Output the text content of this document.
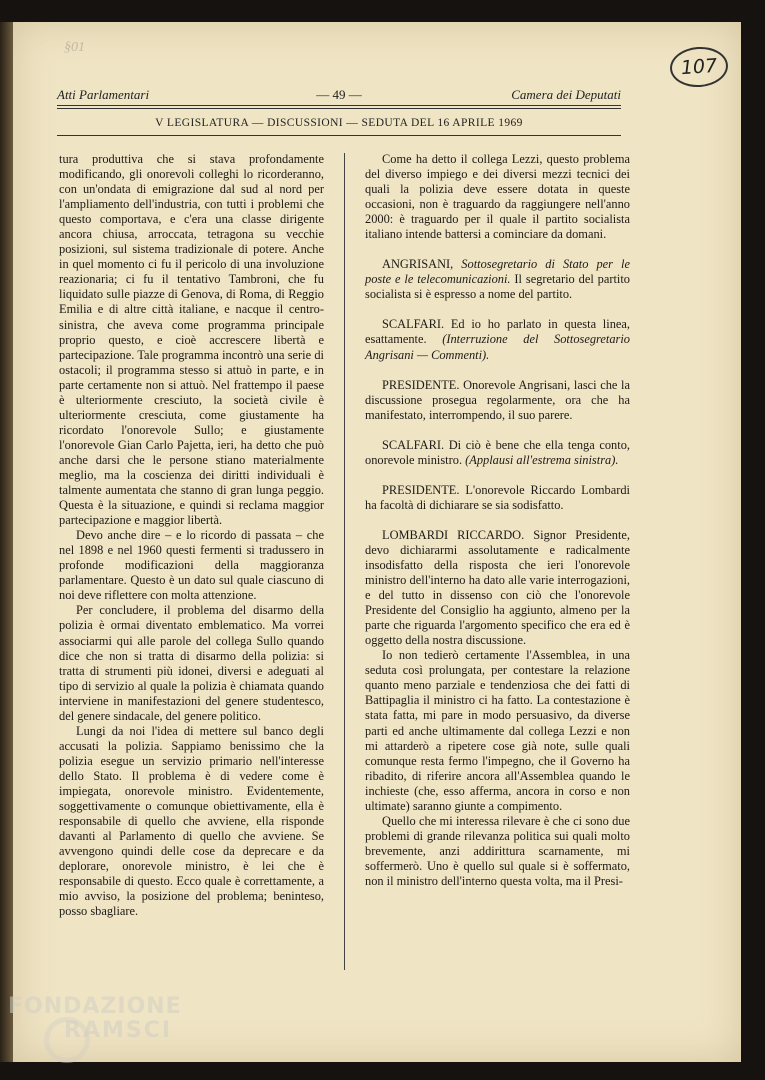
§01
107
Atti Parlamentari	— 49 —	Camera dei Deputati
V LEGISLATURA — DISCUSSIONI — SEDUTA DEL 16 APRILE 1969

tura produttiva che si stava profondamente modificando, gli onorevoli colleghi lo ricorderanno, con un'ondata di emigrazione dal sud al nord per l'ampliamento dell'industria, con tutti i problemi che questo comportava, e c'era una classe dirigente ancora chiusa, arroccata, tetragona su vecchie posizioni, sul sistema tradizionale di potere. Anche in quel momento ci fu il pericolo di una involuzione reazionaria; ci fu il tentativo Tambroni, che fu liquidato sulle piazze di Genova, di Roma, di Reggio Emilia e di altre città italiane, e nacque il centro-sinistra, che aveva come programma principale proprio questo, e cioè accrescere libertà e partecipazione. Tale programma incontrò una serie di ostacoli; il programma stesso si attuò in parte, e in parte certamente non si attuò. Nel frattempo il paese è ulteriormente cresciuto, la società civile è ulteriormente cresciuta, come giustamente ha ricordato l'onorevole Sullo; e giustamente l'onorevole Gian Carlo Pajetta, ieri, ha detto che può anche darsi che le persone stiano materialmente meglio, ma la coscienza dei diritti individuali è talmente aumentata che stanno di gran lunga peggio. Questa è la situazione, e quindi si reclama maggior partecipazione e maggior libertà.

Devo anche dire – e lo ricordo di passata – che nel 1898 e nel 1960 questi fermenti si tradussero in profonde modificazioni della maggioranza parlamentare. Questo è un dato sul quale ciascuno di noi deve riflettere con molta attenzione.

Per concludere, il problema del disarmo della polizia è ormai diventato emblematico. Ma vorrei associarmi qui alle parole del collega Sullo quando dice che non si tratta di disarmo della polizia: si tratta di strumenti più idonei, diversi e adeguati al tipo di servizio al quale la polizia è chiamata quando interviene in manifestazioni del genere studentesco, del genere sindacale, del genere politico.

Lungi da noi l'idea di mettere sul banco degli accusati la polizia. Sappiamo benissimo che la polizia esegue un servizio primario nell'interesse dello Stato. Il problema è di vedere come è impiegata, onorevole ministro. Evidentemente, soggettivamente o comunque obiettivamente, ella è responsabile di quello che avviene, ella risponde davanti al Parlamento di quello che avviene. Se avvengono quindi delle cose da deprecare e da deplorare, onorevole ministro, è lei che è responsabile di questo. Ecco quale è correttamente, a mio avviso, la posizione del problema; beninteso, posso sbagliare.

Come ha detto il collega Lezzi, questo problema del diverso impiego e dei diversi mezzi tecnici dei quali la polizia deve essere dotata in queste occasioni, non è traguardo da raggiungere nell'anno 2000: è traguardo per il quale il partito socialista italiano intende battersi a cominciare da domani.

ANGRISANI, Sottosegretario di Stato per le poste e le telecomunicazioni. Il segretario del partito socialista si è espresso a nome del partito.

SCALFARI. Ed io ho parlato in questa linea, esattamente. (Interruzione del Sottosegretario Angrisani — Commenti).

PRESIDENTE. Onorevole Angrisani, lasci che la discussione prosegua regolarmente, ora che ha manifestato, interrompendo, il suo parere.

SCALFARI. Di ciò è bene che ella tenga conto, onorevole ministro. (Applausi all'estrema sinistra).

PRESIDENTE. L'onorevole Riccardo Lombardi ha facoltà di dichiarare se sia sodisfatto.

LOMBARDI RICCARDO. Signor Presidente, devo dichiararmi assolutamente e radicalmente insodisfatto della risposta che ieri l'onorevole ministro dell'interno ha dato alle varie interrogazioni, e del tutto in dissenso con ciò che l'onorevole Presidente del Consiglio ha aggiunto, almeno per la parte che riguarda l'argomento specifico che era ed è oggetto della nostra discussione.

Io non tedierò certamente l'Assemblea, in una seduta così prolungata, per contestare la relazione quanto meno parziale e tendenziosa che dei fatti di Battipaglia il ministro ci ha fatto. La contestazione è stata fatta, mi pare in modo persuasivo, da diverse parti ed anche ultimamente dal collega Lezzi e non mi attarderò a ripetere cose già note, sulle quali comunque resta fermo l'impegno, che il Governo ha ribadito, di riferire ancora all'Assemblea quando le inchieste (che, esso afferma, ancora in corso e non ultimate) saranno giunte a compimento.

Quello che mi interessa rilevare è che ci sono due problemi di grande rilevanza politica sui quali molto brevemente, anzi addirittura scarnamente, mi soffermerò. Uno è quello sul quale si è soffermato, non il ministro dell'interno questa volta, ma il Presi-

FONDAZIONE
RAMSCI
